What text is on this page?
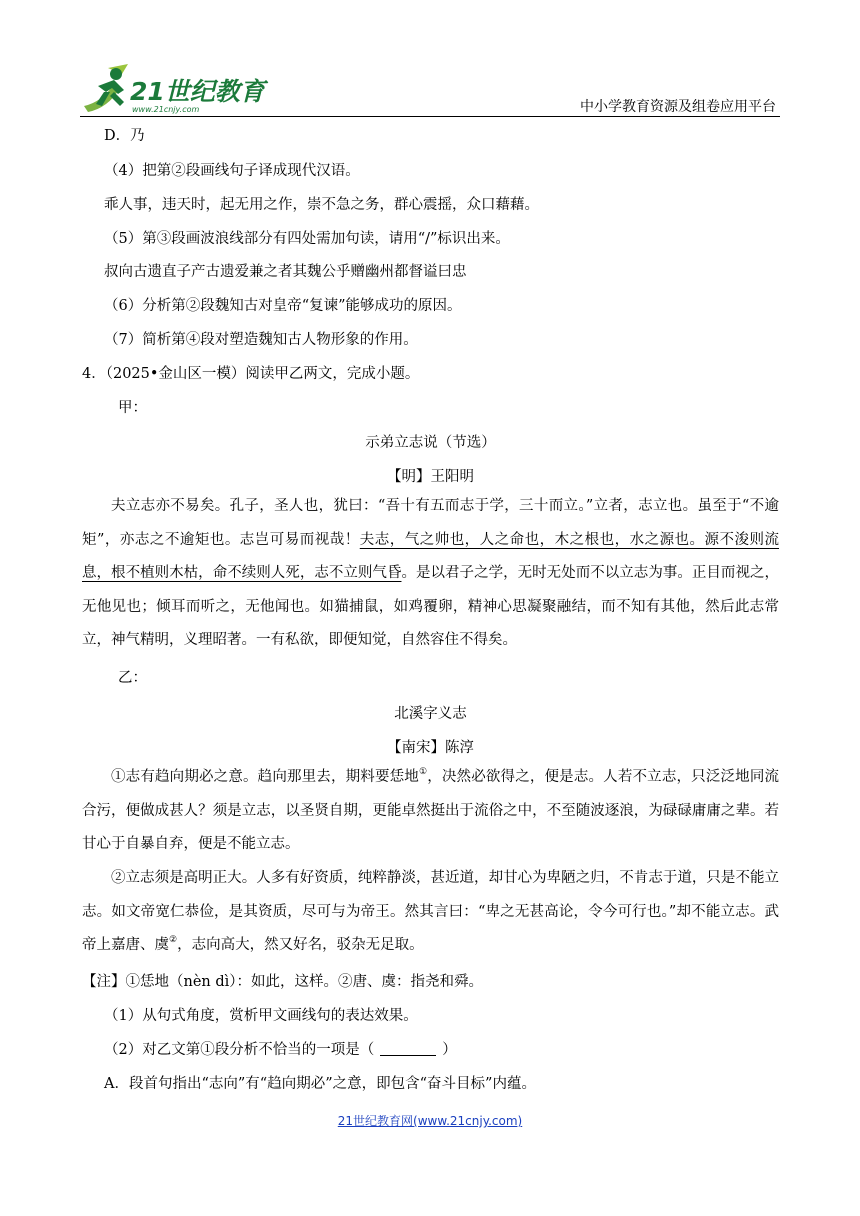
21世纪教育
www.21cnjy.com	中小学教育资源及组卷应用平台
D．乃
（4）把第②段画线句子译成现代汉语。
乖人事，违天时，起无用之作，崇不急之务，群心震摇，众口藉藉。
（5）第③段画波浪线部分有四处需加句读，请用“/”标识出来。
叔向古遗直子产古遗爱兼之者其魏公乎赠幽州都督谥曰忠
（6）分析第②段魏知古对皇帝“复谏”能够成功的原因。
（7）简析第④段对塑造魏知古人物形象的作用。
4．（2025•金山区一模）阅读甲乙两文，完成小题。
甲：
示弟立志说（节选）
【明】王阳明
夫立志亦不易矣。孔子，圣人也，犹曰：“吾十有五而志于学，三十而立。”立者，志立也。虽至于“不逾矩”，亦志之不逾矩也。志岂可易而视哉！夫志，气之帅也，人之命也，木之根也，水之源也。源不浚则流息，根不植则木枯，命不续则人死，志不立则气昏。是以君子之学，无时无处而不以立志为事。正目而视之，无他见也；倾耳而听之，无他闻也。如猫捕鼠，如鸡覆卵，精神心思凝聚融结，而不知有其他，然后此志常立，神气精明，义理昭著。一有私欲，即便知觉，自然容住不得矣。
乙：
北溪字义志
【南宋】陈淳
①志有趋向期必之意。趋向那里去，期料要恁地①，决然必欲得之，便是志。人若不立志，只泛泛地同流合污，便做成甚人？须是立志，以圣贤自期，更能卓然挺出于流俗之中，不至随波逐浪，为碌碌庸庸之辈。若甘心于自暴自弃，便是不能立志。
②立志须是高明正大。人多有好资质，纯粹静淡，甚近道，却甘心为卑陋之归，不肯志于道，只是不能立志。如文帝宽仁恭俭，是其资质，尽可与为帝王。然其言曰：“卑之无甚高论，令今可行也。”却不能立志。武帝上嘉唐、虞②，志向高大，然又好名，驳杂无足取。
【注】①恁地（nèn dì）：如此，这样。②唐、虞：指尧和舜。
（1）从句式角度，赏析甲文画线句的表达效果。
（2）对乙文第①段分析不恰当的一项是（	）
A．段首句指出“志向”有“趋向期必”之意，即包含“奋斗目标”内蕴。
21世纪教育网(www.21cnjy.com)
